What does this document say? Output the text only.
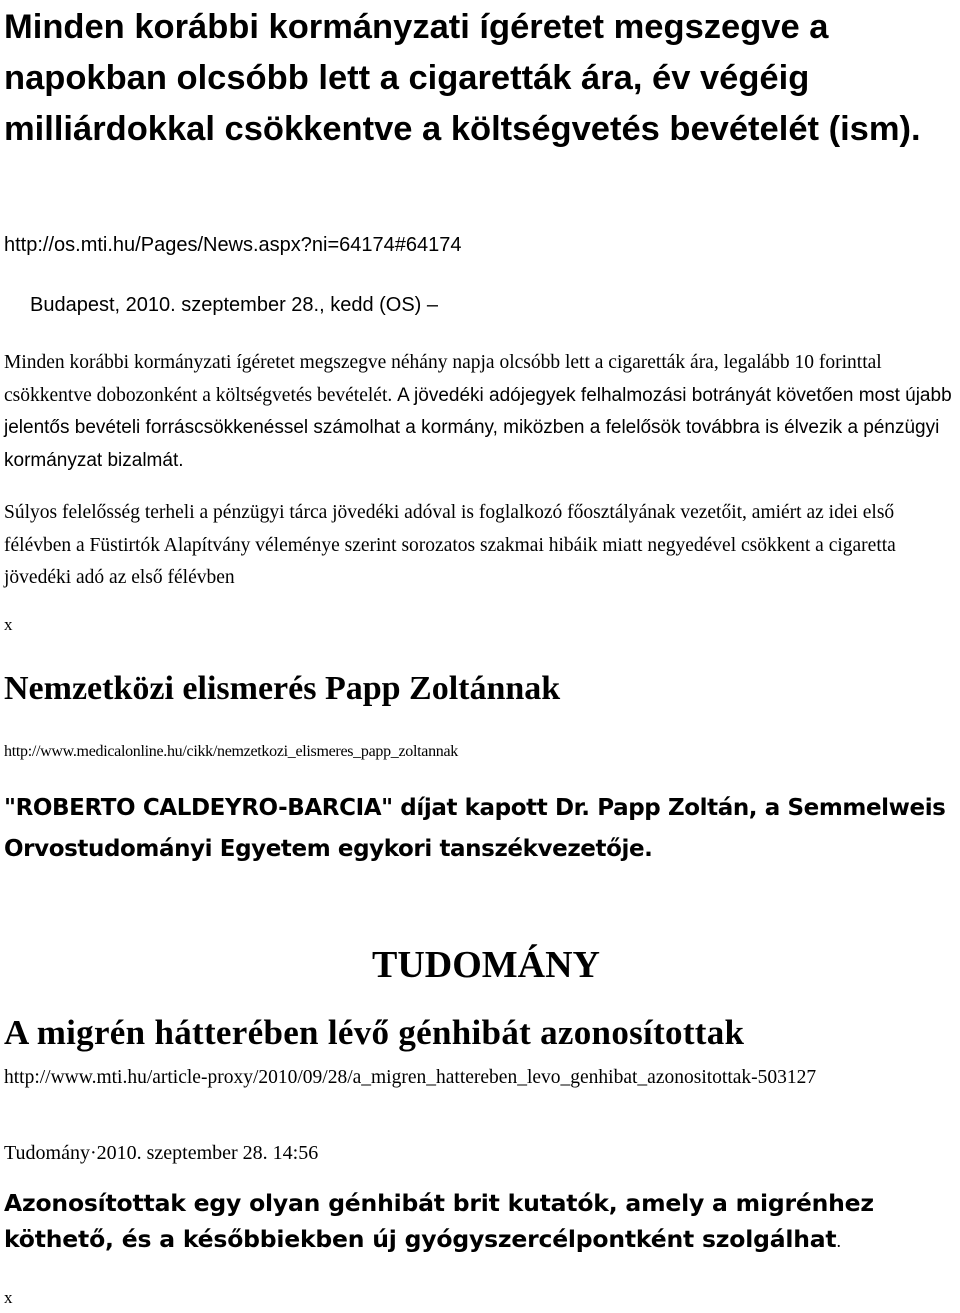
Minden korábbi kormányzati ígéretet megszegve a napokban olcsóbb lett a cigaretták ára, év végéig milliárdokkal csökkentve a költségvetés bevételét (ism).
http://os.mti.hu/Pages/News.aspx?ni=64174#64174

Budapest, 2010. szeptember 28., kedd (OS) –

Minden korábbi kormányzati ígéretet megszegve néhány napja olcsóbb lett a cigaretták ára, legalább 10 forinttal csökkentve dobozonként a költségvetés bevételét. A jövedéki adójegyek felhalmozási botrányát követően most újabb jelentős bevételi forráscsökkenéssel számolhat a kormány, miközben a felelősök továbbra is élvezik a pénzügyi kormányzat bizalmát.

Súlyos felelősség terheli a pénzügyi tárca jövedéki adóval is foglalkozó főosztályának vezetőit, amiért az idei első félévben a Füstirtók Alapítvány véleménye szerint sorozatos szakmai hibáik miatt negyedével csökkent a cigaretta jövedéki adó az első félévben

x

Nemzetközi elismerés Papp Zoltánnak
http://www.medicalonline.hu/cikk/nemzetkozi_elismeres_papp_zoltannak
"ROBERTO CALDEYRO-BARCIA" díjat kapott Dr. Papp Zoltán, a Semmelweis Orvostudományi Egyetem egykori tanszékvezetője.
TUDOMÁNY
A migrén hátterében lévő génhibát azonosítottak
http://www.mti.hu/article-proxy/2010/09/28/a_migren_hattereben_levo_genhibat_azonositottak-503127

Tudomány·2010. szeptember 28. 14:56

Azonosítottak egy olyan génhibát brit kutatók, amely a migrénhez köthető, és a későbbiekben új gyógyszercélpontként szolgálhat.

x
